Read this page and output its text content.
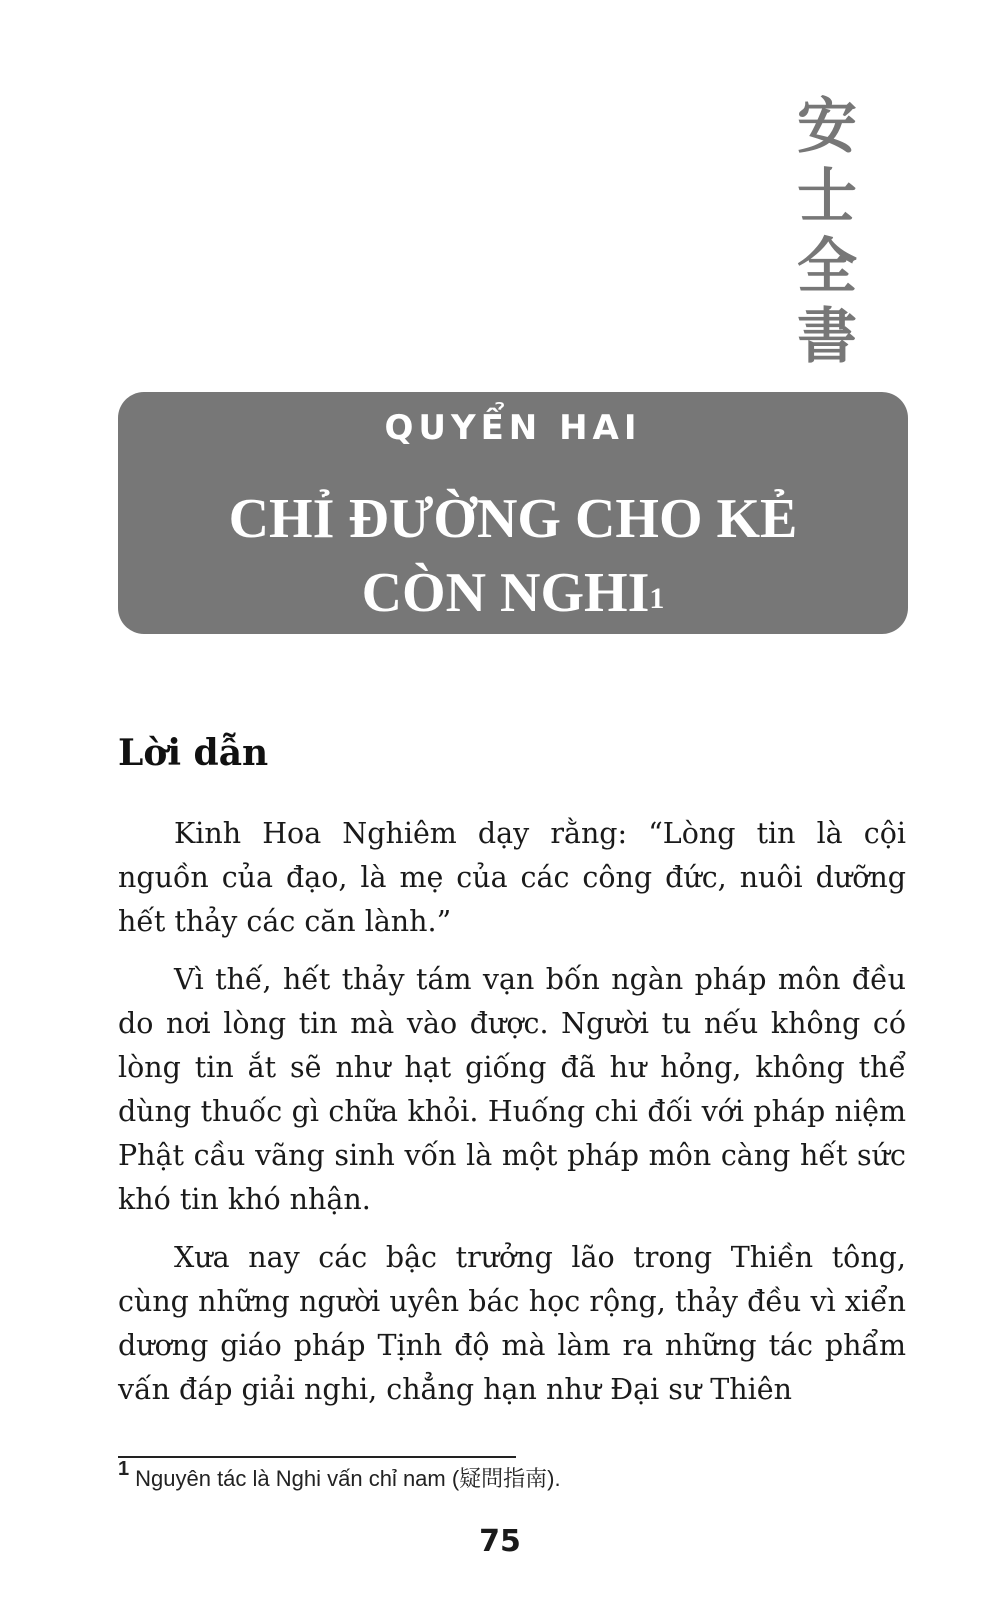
安
士
全
書
QUYỂN HAI
CHỈ ĐƯỜNG CHO KẺ
CÒN NGHI$^1$
Lời dẫn

Kinh Hoa Nghiêm dạy rằng: “Lòng tin là cội nguồn của đạo, là mẹ của các công đức, nuôi dưỡng hết thảy các căn lành.”

Vì thế, hết thảy tám vạn bốn ngàn pháp môn đều do nơi lòng tin mà vào được. Người tu nếu không có lòng tin ắt sẽ như hạt giống đã hư hỏng, không thể dùng thuốc gì chữa khỏi. Huống chi đối với pháp niệm Phật cầu vãng sinh vốn là một pháp môn càng hết sức khó tin khó nhận.

Xưa nay các bậc trưởng lão trong Thiền tông, cùng những người uyên bác học rộng, thảy đều vì xiển dương giáo pháp Tịnh độ mà làm ra những tác phẩm vấn đáp giải nghi, chẳng hạn như Đại sư Thiên

1 Nguyên tác là Nghi vấn chỉ nam (疑問指南).
75
